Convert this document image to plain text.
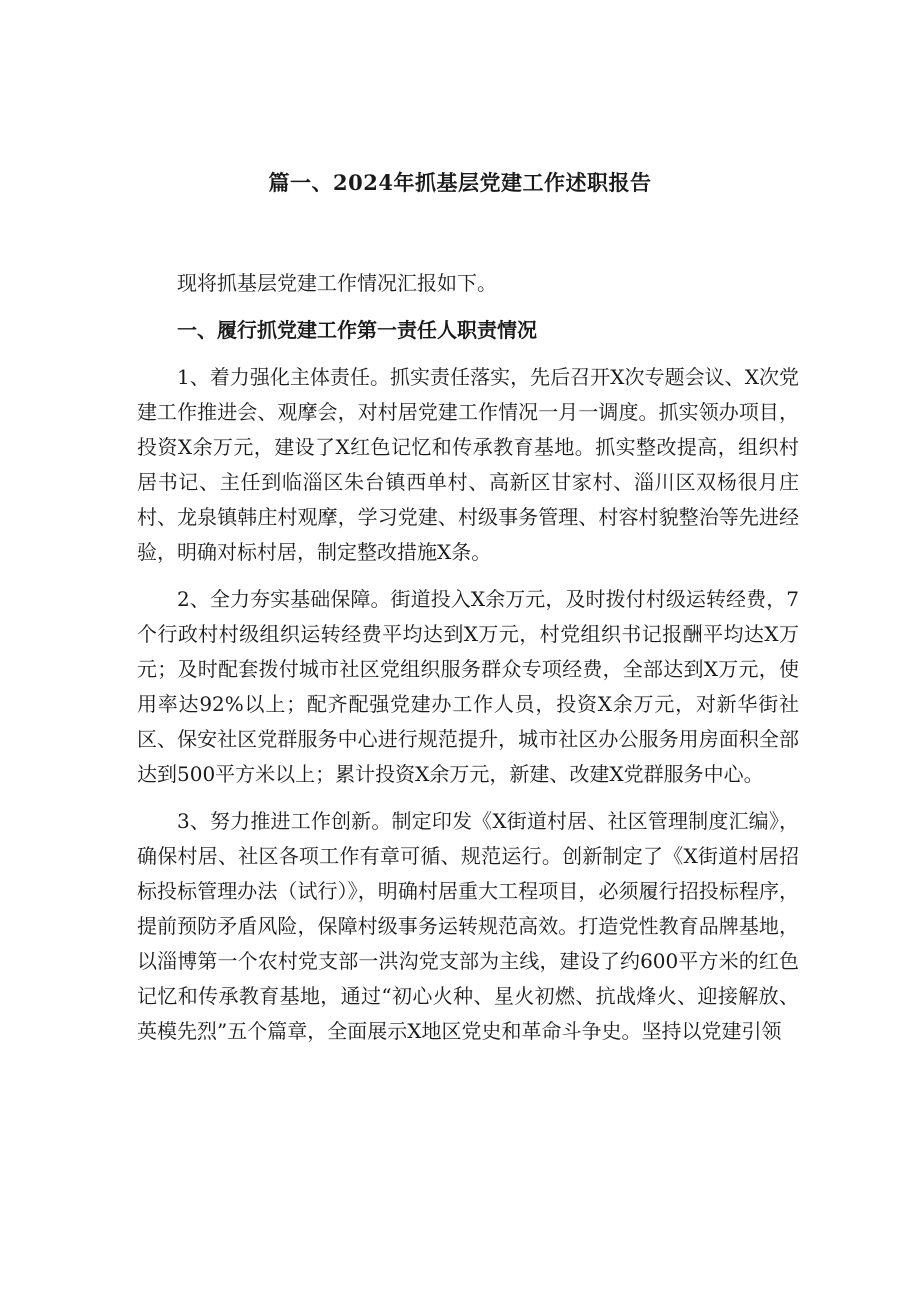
篇一、2024年抓基层党建工作述职报告

现将抓基层党建工作情况汇报如下。

一、履行抓党建工作第一责任人职责情况

1、着力强化主体责任。抓实责任落实，先后召开X次专题会议、X次党建工作推进会、观摩会，对村居党建工作情况一月一调度。抓实领办项目，投资X余万元，建设了X红色记忆和传承教育基地。抓实整改提高，组织村居书记、主任到临淄区朱台镇西单村、高新区甘家村、淄川区双杨很月庄村、龙泉镇韩庄村观摩，学习党建、村级事务管理、村容村貌整治等先进经验，明确对标村居，制定整改措施X条。

2、全力夯实基础保障。街道投入X余万元，及时拨付村级运转经费，7个行政村村级组织运转经费平均达到X万元，村党组织书记报酬平均达X万元；及时配套拨付城市社区党组织服务群众专项经费，全部达到X万元，使用率达92%以上；配齐配强党建办工作人员，投资X余万元，对新华街社区、保安社区党群服务中心进行规范提升，城市社区办公服务用房面积全部达到500平方米以上；累计投资X余万元，新建、改建X党群服务中心。

3、努力推进工作创新。制定印发《X街道村居、社区管理制度汇编》，确保村居、社区各项工作有章可循、规范运行。创新制定了《X街道村居招标投标管理办法（试行）》，明确村居重大工程项目，必须履行招投标程序，提前预防矛盾风险，保障村级事务运转规范高效。打造党性教育品牌基地，以淄博第一个农村党支部一洪沟党支部为主线，建设了约600平方米的红色记忆和传承教育基地，通过“初心火种、星火初燃、抗战烽火、迎接解放、英模先烈”五个篇章，全面展示X地区党史和革命斗争史。坚持以党建引领
